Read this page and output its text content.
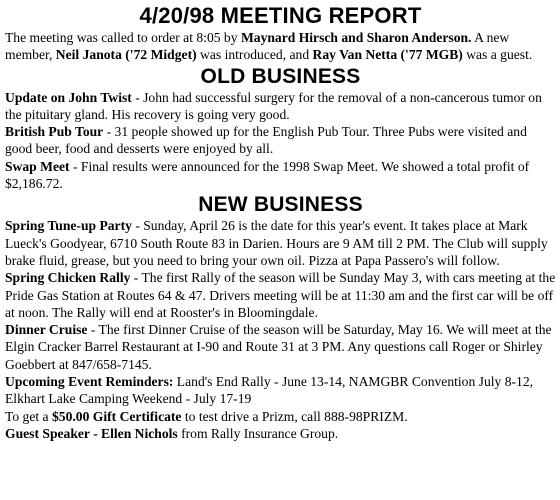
4/20/98 MEETING REPORT

The meeting was called to order at 8:05 by Maynard Hirsch and Sharon Anderson. A new member, Neil Janota ('72 Midget) was introduced, and Ray Van Netta ('77 MGB) was a guest.

OLD BUSINESS

Update on John Twist - John had successful surgery for the removal of a non-cancerous tumor on the pituitary gland. His recovery is going very good.

British Pub Tour - 31 people showed up for the English Pub Tour. Three Pubs were visited and good beer, food and desserts were enjoyed by all.

Swap Meet - Final results were announced for the 1998 Swap Meet. We showed a total profit of $2,186.72.

NEW BUSINESS

Spring Tune-up Party - Sunday, April 26 is the date for this year's event. It takes place at Mark Lueck's Goodyear, 6710 South Route 83 in Darien. Hours are 9 AM till 2 PM. The Club will supply brake fluid, grease, but you need to bring your own oil. Pizza at Papa Passero's will follow.

Spring Chicken Rally - The first Rally of the season will be Sunday May 3, with cars meeting at the Pride Gas Station at Routes 64 & 47. Drivers meeting will be at 11:30 am and the first car will be off at noon. The Rally will end at Rooster's in Bloomingdale.

Dinner Cruise - The first Dinner Cruise of the season will be Saturday, May 16. We will meet at the Elgin Cracker Barrel Restaurant at I-90 and Route 31 at 3 PM. Any questions call Roger or Shirley Goebbert at 847/658-7145.

Upcoming Event Reminders: Land's End Rally - June 13-14, NAMGBR Convention July 8-12, Elkhart Lake Camping Weekend - July 17-19

To get a $50.00 Gift Certificate to test drive a Prizm, call 888-98PRIZM.

Guest Speaker - Ellen Nichols from Rally Insurance Group.
